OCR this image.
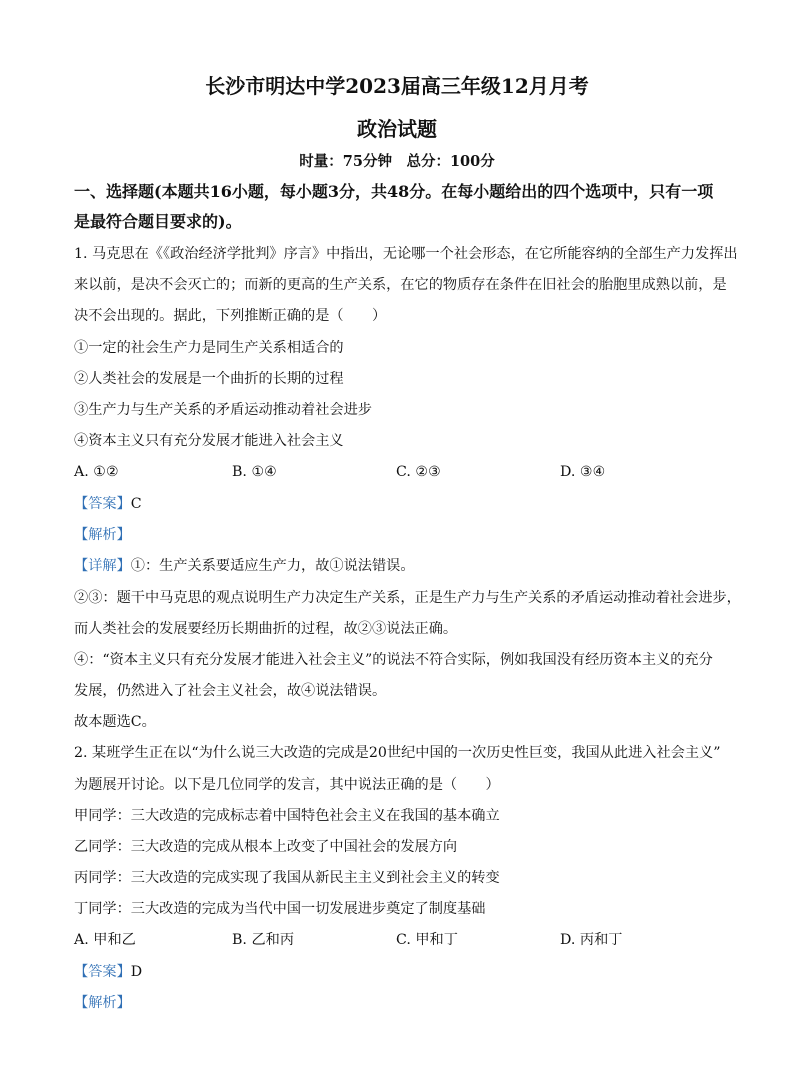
长沙市明达中学2023届高三年级12月月考
政治试题
时量：75分钟　总分：100分
一、选择题(本题共16小题，每小题3分，共48分。在每小题给出的四个选项中，只有一项
是最符合题目要求的)。
1. 马克思在《《政治经济学批判》序言》中指出，无论哪一个社会形态，在它所能容纳的全部生产力发挥出
来以前，是决不会灭亡的；而新的更高的生产关系，在它的物质存在条件在旧社会的胎胞里成熟以前，是
决不会出现的。据此，下列推断正确的是（　　）
①一定的社会生产力是同生产关系相适合的
②人类社会的发展是一个曲折的长期的过程
③生产力与生产关系的矛盾运动推动着社会进步
④资本主义只有充分发展才能进入社会主义
A. ①②	B. ①④	C. ②③	D. ③④
【答案】C
【解析】
【详解】①：生产关系要适应生产力，故①说法错误。
②③：题干中马克思的观点说明生产力决定生产关系，正是生产力与生产关系的矛盾运动推动着社会进步，
而人类社会的发展要经历长期曲折的过程，故②③说法正确。
④：“资本主义只有充分发展才能进入社会主义”的说法不符合实际，例如我国没有经历资本主义的充分
发展，仍然进入了社会主义社会，故④说法错误。
故本题选C。
2. 某班学生正在以“为什么说三大改造的完成是20世纪中国的一次历史性巨变，我国从此进入社会主义”
为题展开讨论。以下是几位同学的发言，其中说法正确的是（　　）
甲同学：三大改造的完成标志着中国特色社会主义在我国的基本确立
乙同学：三大改造的完成从根本上改变了中国社会的发展方向
丙同学：三大改造的完成实现了我国从新民主主义到社会主义的转变
丁同学：三大改造的完成为当代中国一切发展进步奠定了制度基础
A. 甲和乙	B. 乙和丙	C. 甲和丁	D. 丙和丁
【答案】D
【解析】
